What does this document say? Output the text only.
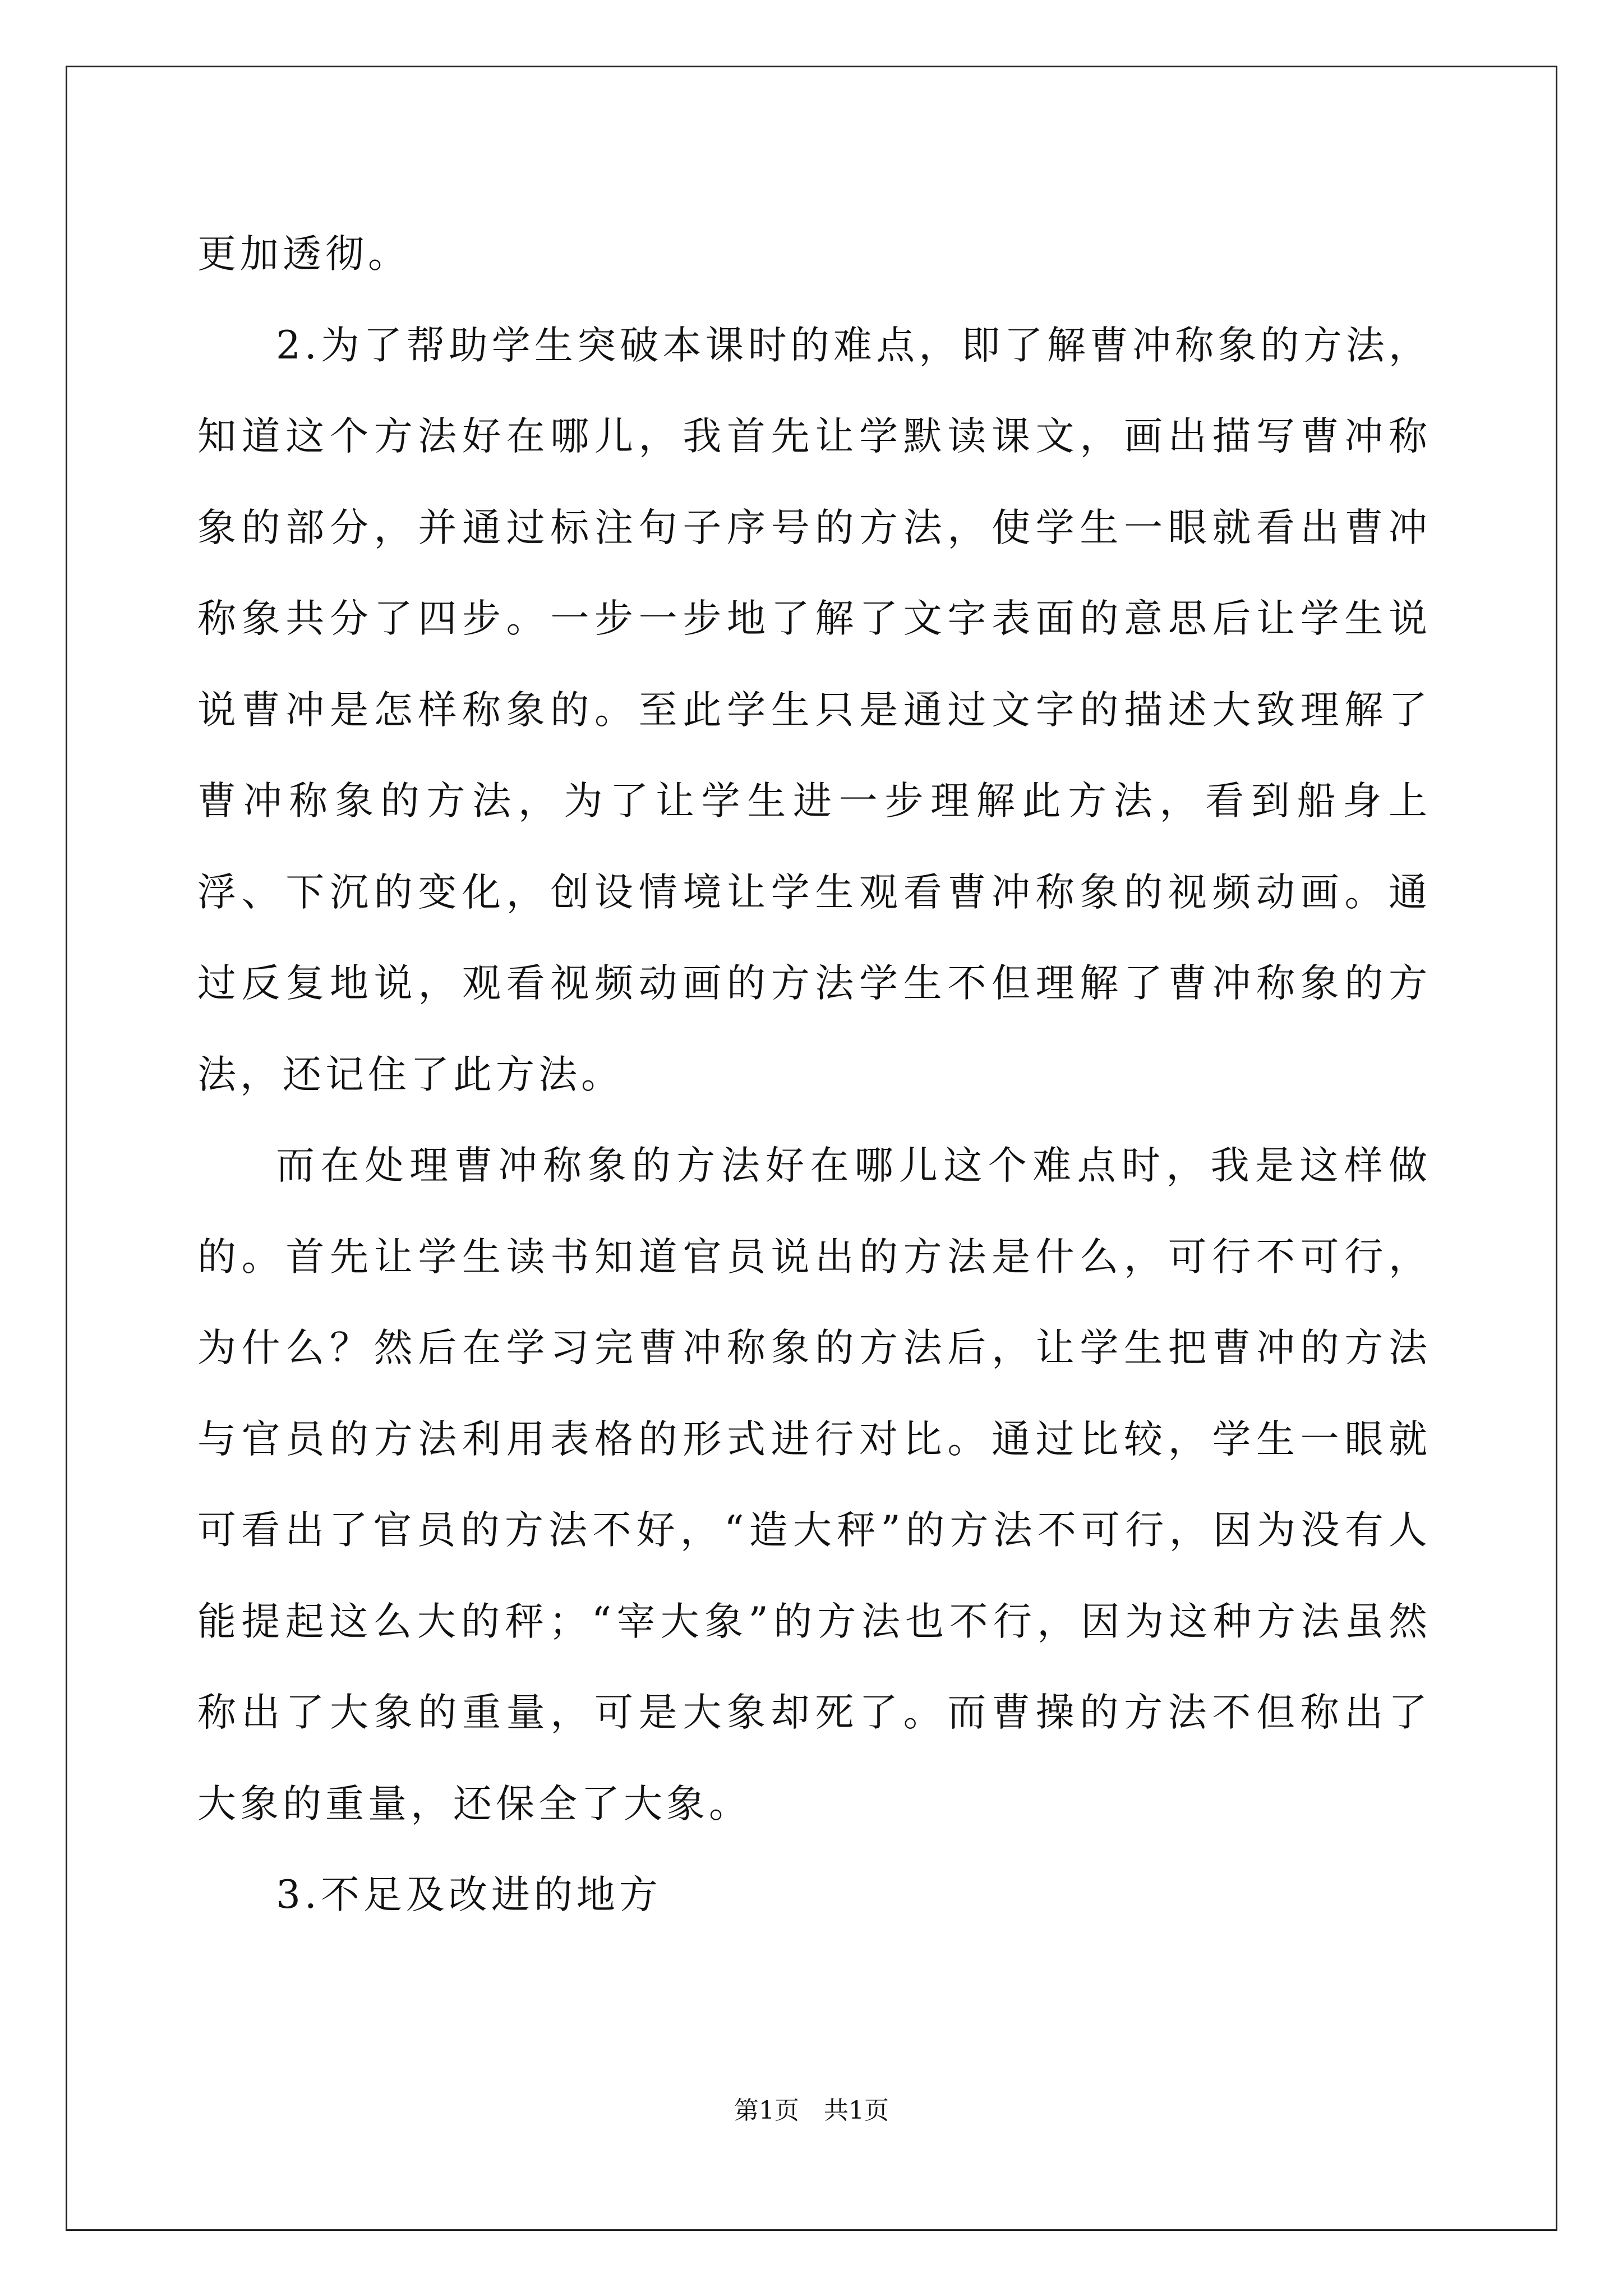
更加透彻。

2.为了帮助学生突破本课时的难点，即了解曹冲称象的方法，知道这个方法好在哪儿，我首先让学默读课文，画出描写曹冲称象的部分，并通过标注句子序号的方法，使学生一眼就看出曹冲称象共分了四步。一步一步地了解了文字表面的意思后让学生说说曹冲是怎样称象的。至此学生只是通过文字的描述大致理解了曹冲称象的方法，为了让学生进一步理解此方法，看到船身上浮、下沉的变化，创设情境让学生观看曹冲称象的视频动画。通过反复地说，观看视频动画的方法学生不但理解了曹冲称象的方法，还记住了此方法。

而在处理曹冲称象的方法好在哪儿这个难点时，我是这样做的。首先让学生读书知道官员说出的方法是什么，可行不可行，为什么？然后在学习完曹冲称象的方法后，让学生把曹冲的方法与官员的方法利用表格的形式进行对比。通过比较，学生一眼就可看出了官员的方法不好，“造大秤”的方法不可行，因为没有人能提起这么大的秤；“宰大象”的方法也不行，因为这种方法虽然称出了大象的重量，可是大象却死了。而曹操的方法不但称出了大象的重量，还保全了大象。

3.不足及改进的地方

第1页　共1页
